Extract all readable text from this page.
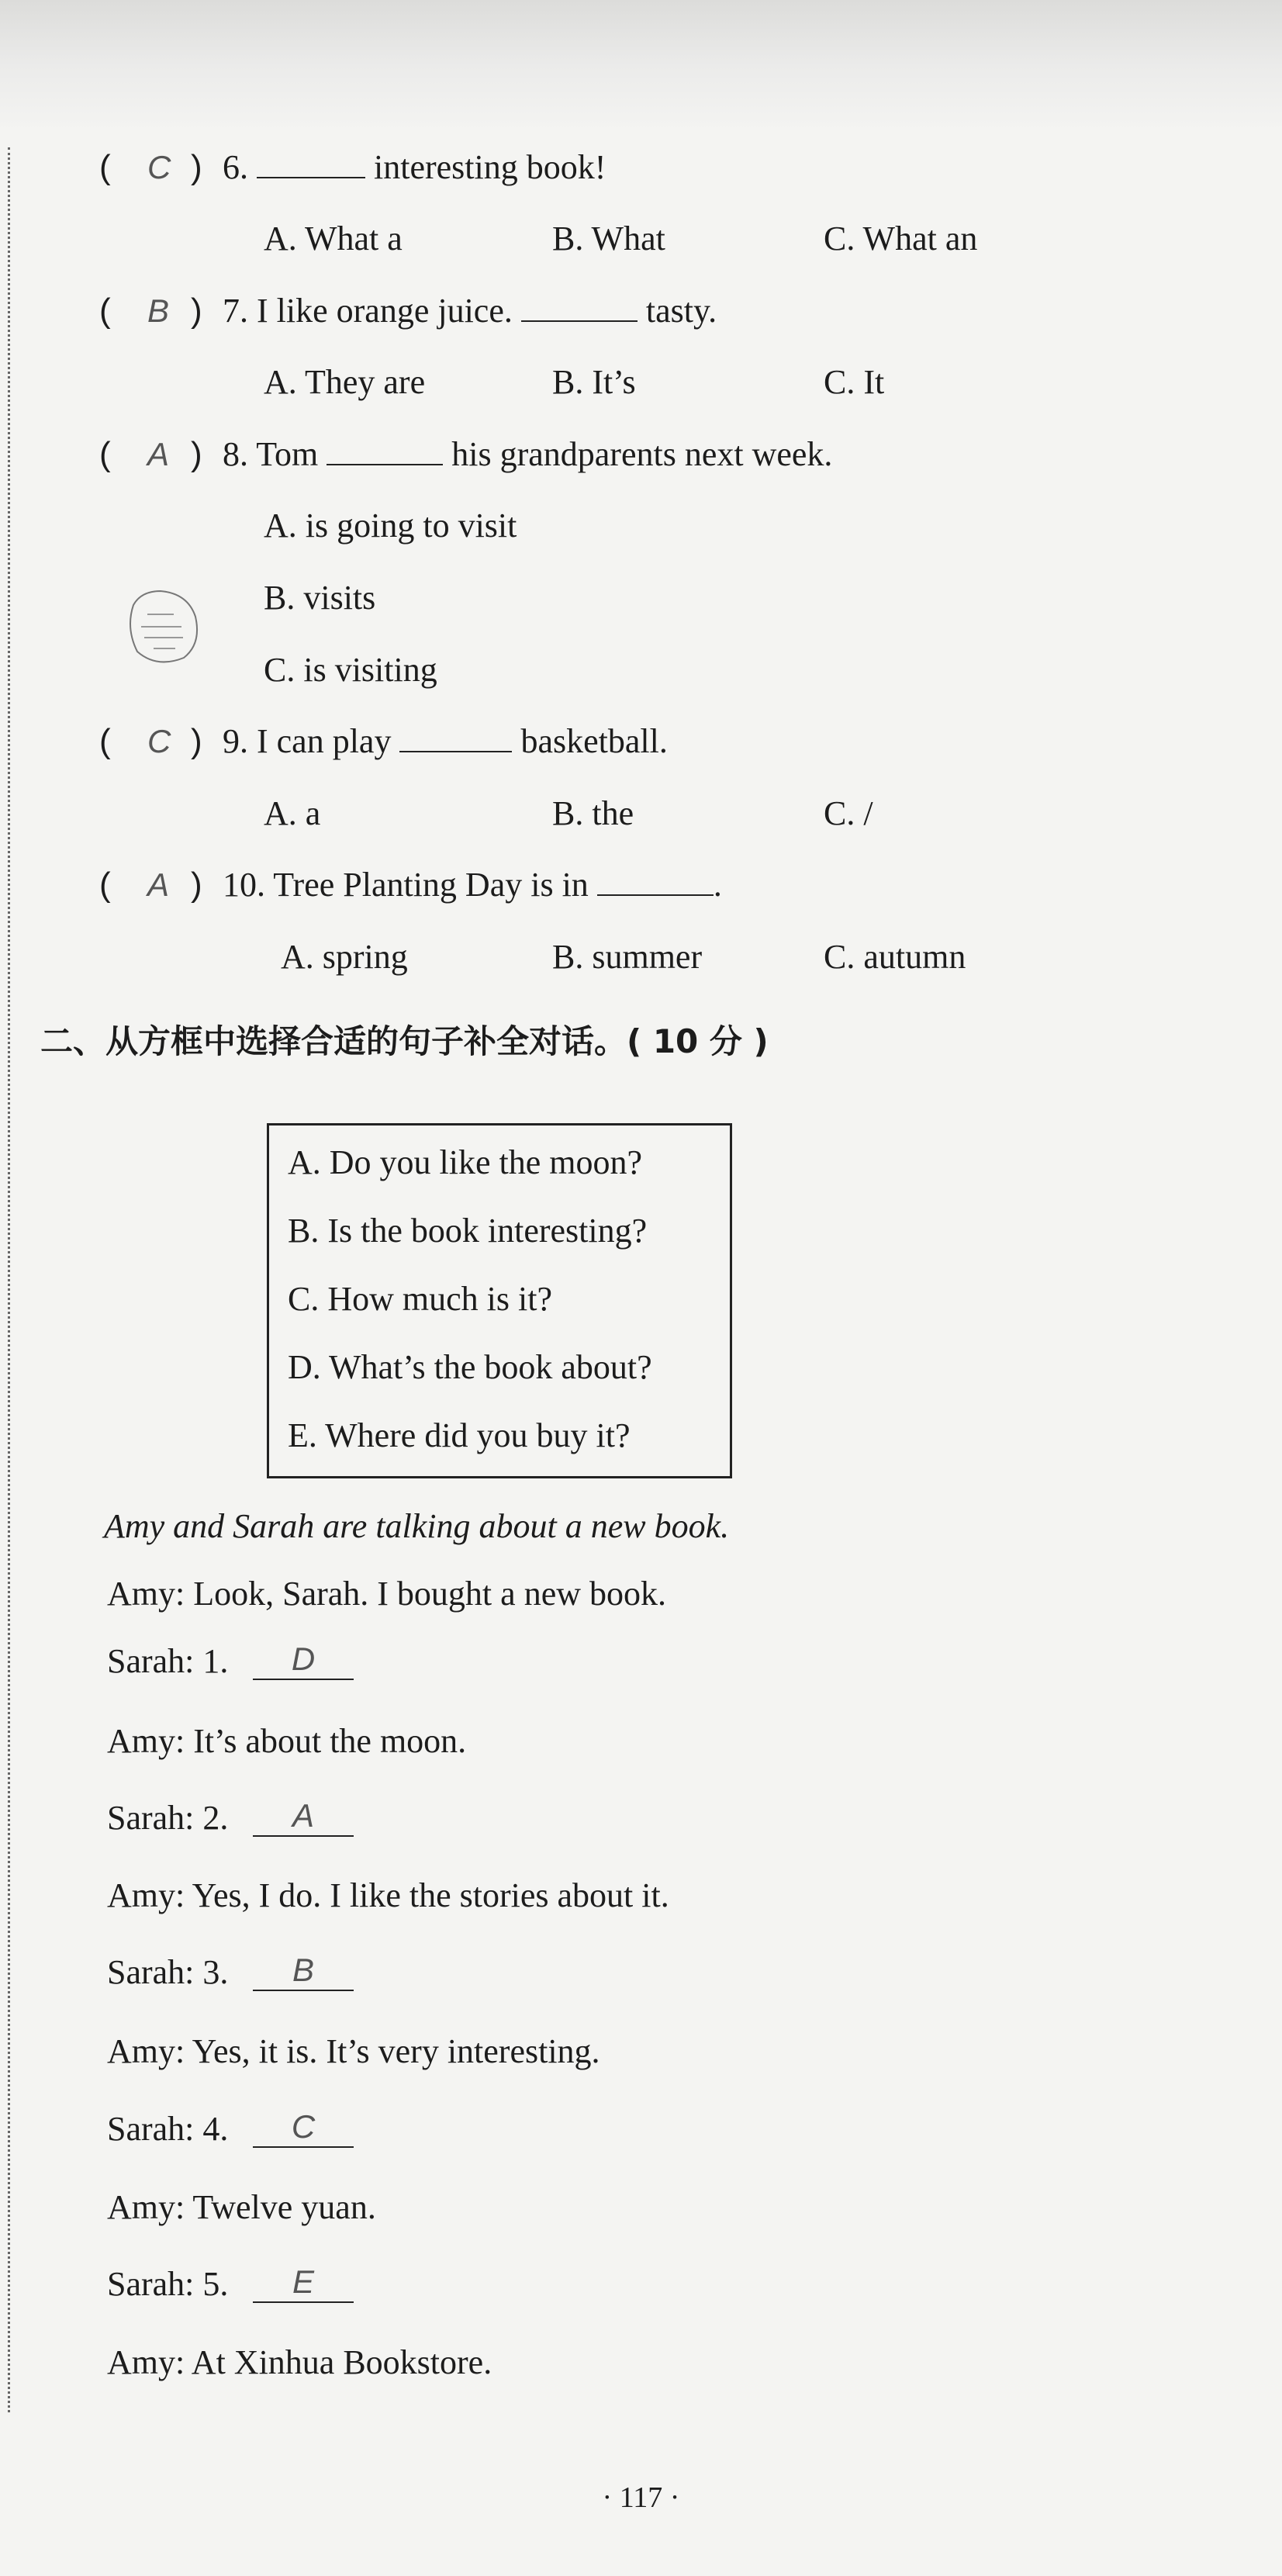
( C ) 6.	interesting book!
A. What a	B. What	C. What an
( B ) 7. I like orange juice.	tasty.
A. They are	B. It’s	C. It
( A ) 8. Tom	his grandparents next week.
A. is going to visit
B. visits
C. is visiting
( C ) 9. I can play	basketball.
A. a	B. the	C. /
( A ) 10. Tree Planting Day is in	.
A. spring	B. summer	C. autumn
二、从方框中选择合适的句子补全对话。( 10 分 )
A. Do you like the moon?
B. Is the book interesting?
C. How much is it?
D. What’s the book about?
E. Where did you buy it?
Amy and Sarah are talking about a new book.
Amy: Look, Sarah. I bought a new book.
Sarah: 1.	D
Amy: It’s about the moon.
Sarah: 2.	A
Amy: Yes, I do. I like the stories about it.
Sarah: 3.	B
Amy: Yes, it is. It’s very interesting.
Sarah: 4.	C
Amy: Twelve yuan.
Sarah: 5.	E
Amy: At Xinhua Bookstore.
· 117 ·
